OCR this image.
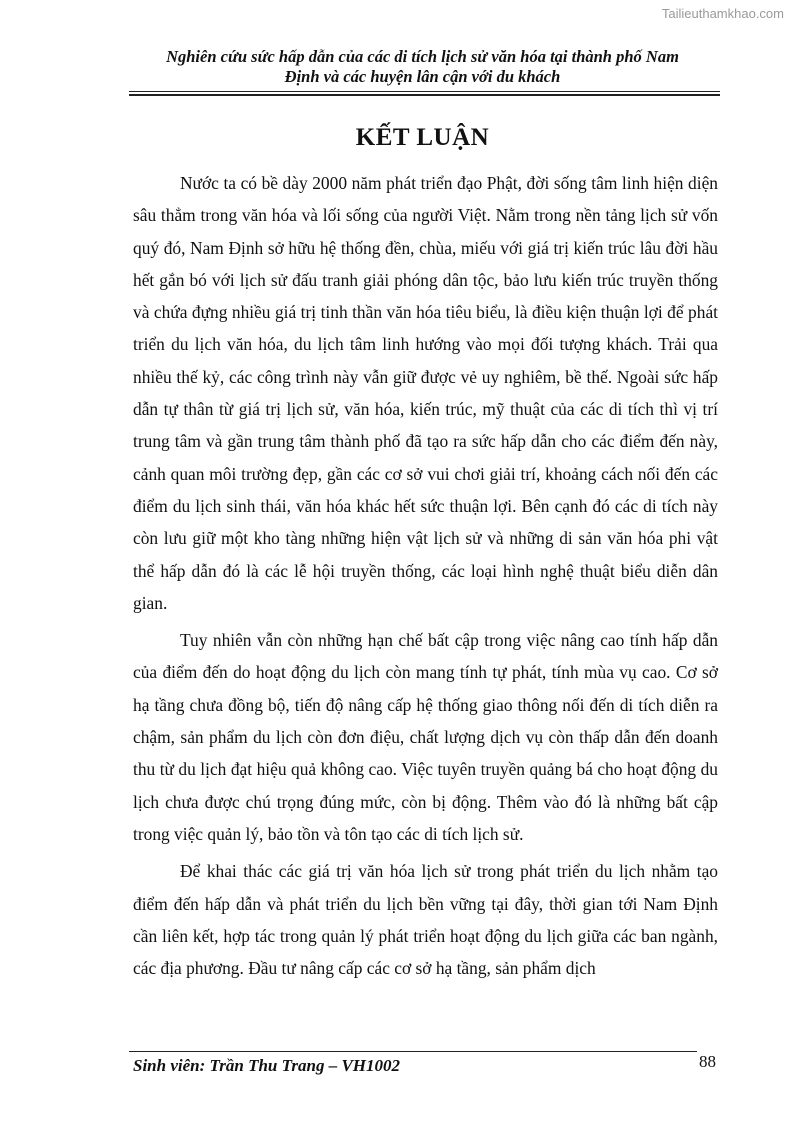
Tailieuthamkhao.com
Nghiên cứu sức hấp dẫn của các di tích lịch sử văn hóa tại thành phố Nam
Định và các huyện lân cận với du khách
KẾT LUẬN

Nước ta có bề dày 2000 năm phát triển đạo Phật, đời sống tâm linh hiện diện sâu thẳm trong văn hóa và lối sống của người Việt. Nằm trong nền tảng lịch sử vốn quý đó, Nam Định sở hữu hệ thống đền, chùa, miếu với giá trị kiến trúc lâu đời hầu hết gắn bó với lịch sử đấu tranh giải phóng dân tộc, bảo lưu kiến trúc truyền thống và chứa đựng nhiều giá trị tinh thần văn hóa tiêu biểu, là điều kiện thuận lợi để phát triển du lịch văn hóa, du lịch tâm linh hướng vào mọi đối tượng khách. Trải qua nhiều thế kỷ, các công trình này vẫn giữ được vẻ uy nghiêm, bề thế. Ngoài sức hấp dẫn tự thân từ giá trị lịch sử, văn hóa, kiến trúc, mỹ thuật của các di tích thì vị trí trung tâm và gần trung tâm thành phố đã tạo ra sức hấp dẫn cho các điểm đến này, cảnh quan môi trường đẹp, gần các cơ sở vui chơi giải trí, khoảng cách nối đến các điểm du lịch sinh thái, văn hóa khác hết sức thuận lợi. Bên cạnh đó các di tích này còn lưu giữ một kho tàng những hiện vật lịch sử và những di sản văn hóa phi vật thể hấp dẫn đó là các lễ hội truyền thống, các loại hình nghệ thuật biểu diễn dân gian.

Tuy nhiên vẫn còn những hạn chế bất cập trong việc nâng cao tính hấp dẫn của điểm đến do hoạt động du lịch còn mang tính tự phát, tính mùa vụ cao. Cơ sở hạ tầng chưa đồng bộ, tiến độ nâng cấp hệ thống giao thông nối đến di tích diễn ra chậm, sản phẩm du lịch còn đơn điệu, chất lượng dịch vụ còn thấp dẫn đến doanh thu từ du lịch đạt hiệu quả không cao. Việc tuyên truyền quảng bá cho hoạt động du lịch chưa được chú trọng đúng mức, còn bị động. Thêm vào đó là những bất cập trong việc quản lý, bảo tồn và tôn tạo các di tích lịch sử.

Để khai thác các giá trị văn hóa lịch sử trong phát triển du lịch nhằm tạo điểm đến hấp dẫn và phát triển du lịch bền vững tại đây, thời gian tới Nam Định cần liên kết, hợp tác trong quản lý phát triển hoạt động du lịch giữa các ban ngành, các địa phương. Đầu tư nâng cấp các cơ sở hạ tầng, sản phẩm dịch

Sinh viên: Trần Thu Trang – VH1002	88
